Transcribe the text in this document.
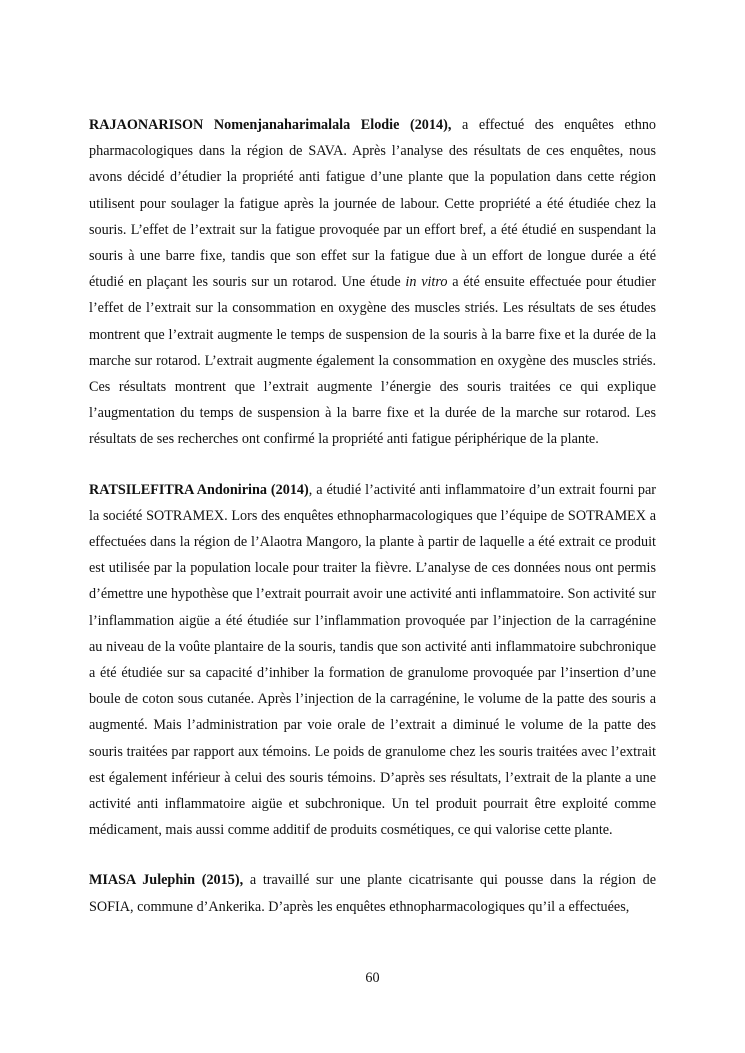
RAJAONARISON Nomenjanaharimalala Elodie (2014), a effectué des enquêtes ethno pharmacologiques dans la région de SAVA. Après l’analyse des résultats de ces enquêtes, nous avons décidé d’étudier la propriété anti fatigue d’une plante que la population dans cette région utilisent pour soulager la fatigue après la journée de labour. Cette propriété a été étudiée chez la souris. L’effet de l’extrait sur la fatigue provoquée par un effort bref, a été étudié en suspendant la souris à une barre fixe, tandis que son effet sur la fatigue due à un effort de longue durée a été étudié en plaçant les souris sur un rotarod. Une étude in vitro a été ensuite effectuée pour étudier l’effet de l’extrait sur la consommation en oxygène des muscles striés. Les résultats de ses études montrent que l’extrait augmente le temps de suspension de la souris à la barre fixe et la durée de la marche sur rotarod. L’extrait augmente également la consommation en oxygène des muscles striés. Ces résultats montrent que l’extrait augmente l’énergie des souris traitées ce qui explique l’augmentation du temps de suspension à la barre fixe et la durée de la marche sur rotarod. Les résultats de ses recherches ont confirmé la propriété anti fatigue périphérique de la plante.

RATSILEFITRA Andonirina (2014), a étudié l’activité anti inflammatoire d’un extrait fourni par la société SOTRAMEX. Lors des enquêtes ethnopharmacologiques que l’équipe de SOTRAMEX a effectuées dans la région de l’Alaotra Mangoro, la plante à partir de laquelle a été extrait ce produit est utilisée par la population locale pour traiter la fièvre. L’analyse de ces données nous ont permis d’émettre une hypothèse que l’extrait pourrait avoir une activité anti inflammatoire. Son activité sur l’inflammation aigüe a été étudiée sur l’inflammation provoquée par l’injection de la carragénine au niveau de la voûte plantaire de la souris, tandis que son activité anti inflammatoire subchronique a été étudiée sur sa capacité d’inhiber la formation de granulome provoquée par l’insertion d’une boule de coton sous cutanée. Après l’injection de la carragénine, le volume de la patte des souris a augmenté. Mais l’administration par voie orale de l’extrait a diminué le volume de la patte des souris traitées par rapport aux témoins. Le poids de granulome chez les souris traitées avec l’extrait est également inférieur à celui des souris témoins. D’après ses résultats, l’extrait de la plante a une activité anti inflammatoire aigüe et subchronique. Un tel produit pourrait être exploité comme médicament, mais aussi comme additif de produits cosmétiques, ce qui valorise cette plante.

MIASA Julephin (2015), a travaillé sur une plante cicatrisante qui pousse dans la région de SOFIA, commune d’Ankerika. D’après les enquêtes ethnopharmacologiques qu’il a effectuées,

60
